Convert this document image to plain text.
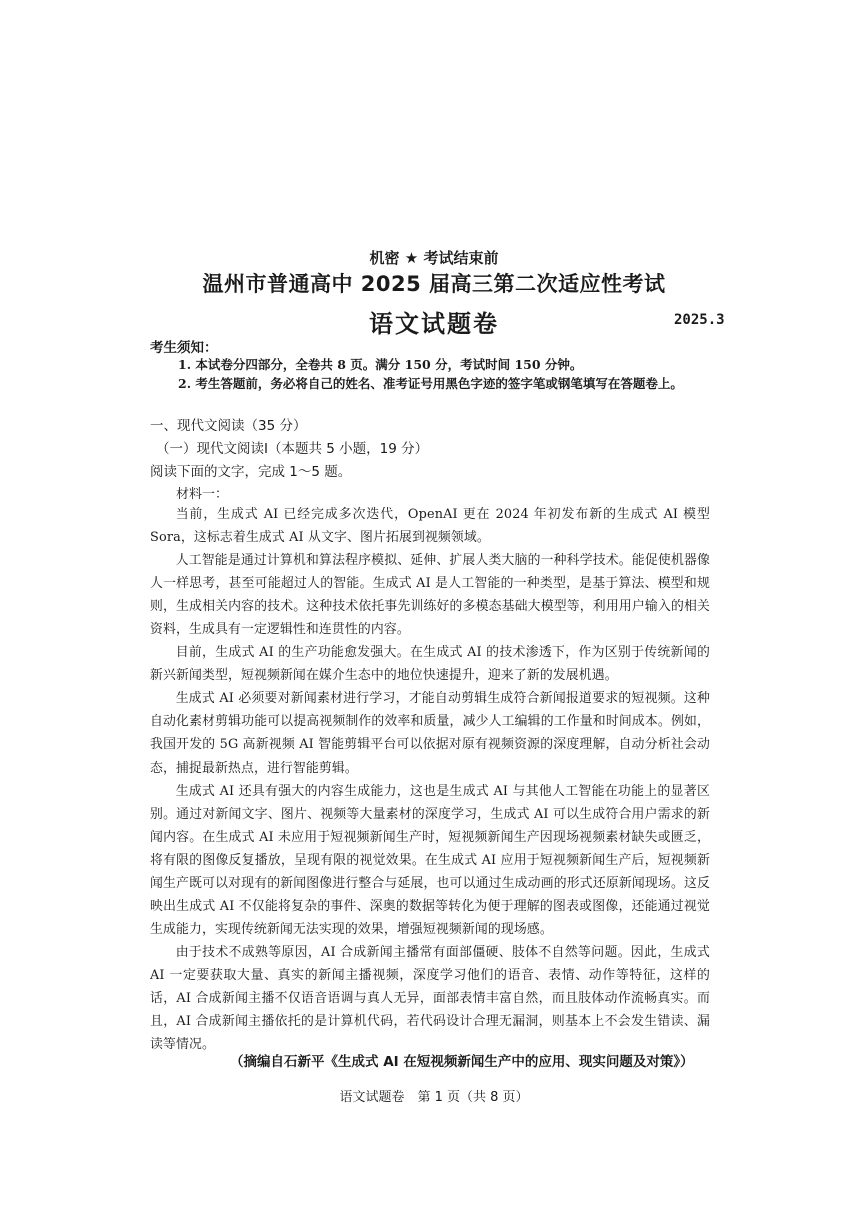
机密 ★ 考试结束前
温州市普通高中 2025 届高三第二次适应性考试
语文试题卷	2025.3
考生须知：
1. 本试卷分四部分，全卷共 8 页。满分 150 分，考试时间 150 分钟。
2. 考生答题前，务必将自己的姓名、准考证号用黑色字迹的签字笔或钢笔填写在答题卷上。
一、现代文阅读（35 分）
（一）现代文阅读Ⅰ（本题共 5 小题，19 分）
阅读下面的文字，完成 1～5 题。
材料一：

当前，生成式 AI 已经完成多次迭代，OpenAI 更在 2024 年初发布新的生成式 AI 模型 Sora，这标志着生成式 AI 从文字、图片拓展到视频领域。

人工智能是通过计算机和算法程序模拟、延伸、扩展人类大脑的一种科学技术。能促使机器像人一样思考，甚至可能超过人的智能。生成式 AI 是人工智能的一种类型，是基于算法、模型和规则，生成相关内容的技术。这种技术依托事先训练好的多模态基础大模型等，利用用户输入的相关资料，生成具有一定逻辑性和连贯性的内容。

目前，生成式 AI 的生产功能愈发强大。在生成式 AI 的技术渗透下，作为区别于传统新闻的新兴新闻类型，短视频新闻在媒介生态中的地位快速提升，迎来了新的发展机遇。

生成式 AI 必须要对新闻素材进行学习，才能自动剪辑生成符合新闻报道要求的短视频。这种自动化素材剪辑功能可以提高视频制作的效率和质量，减少人工编辑的工作量和时间成本。例如，我国开发的 5G 高新视频 AI 智能剪辑平台可以依据对原有视频资源的深度理解，自动分析社会动态，捕捉最新热点，进行智能剪辑。

生成式 AI 还具有强大的内容生成能力，这也是生成式 AI 与其他人工智能在功能上的显著区别。通过对新闻文字、图片、视频等大量素材的深度学习，生成式 AI 可以生成符合用户需求的新闻内容。在生成式 AI 未应用于短视频新闻生产时，短视频新闻生产因现场视频素材缺失或匮乏，将有限的图像反复播放，呈现有限的视觉效果。在生成式 AI 应用于短视频新闻生产后，短视频新闻生产既可以对现有的新闻图像进行整合与延展，也可以通过生成动画的形式还原新闻现场。这反映出生成式 AI 不仅能将复杂的事件、深奥的数据等转化为便于理解的图表或图像，还能通过视觉生成能力，实现传统新闻无法实现的效果，增强短视频新闻的现场感。

由于技术不成熟等原因，AI 合成新闻主播常有面部僵硬、肢体不自然等问题。因此，生成式 AI 一定要获取大量、真实的新闻主播视频，深度学习他们的语音、表情、动作等特征，这样的话，AI 合成新闻主播不仅语音语调与真人无异，面部表情丰富自然，而且肢体动作流畅真实。而且，AI 合成新闻主播依托的是计算机代码，若代码设计合理无漏洞，则基本上不会发生错读、漏读等情况。

（摘编自石新平《生成式 AI 在短视频新闻生产中的应用、现实问题及对策》）
语文试题卷　第 1 页（共 8 页）
